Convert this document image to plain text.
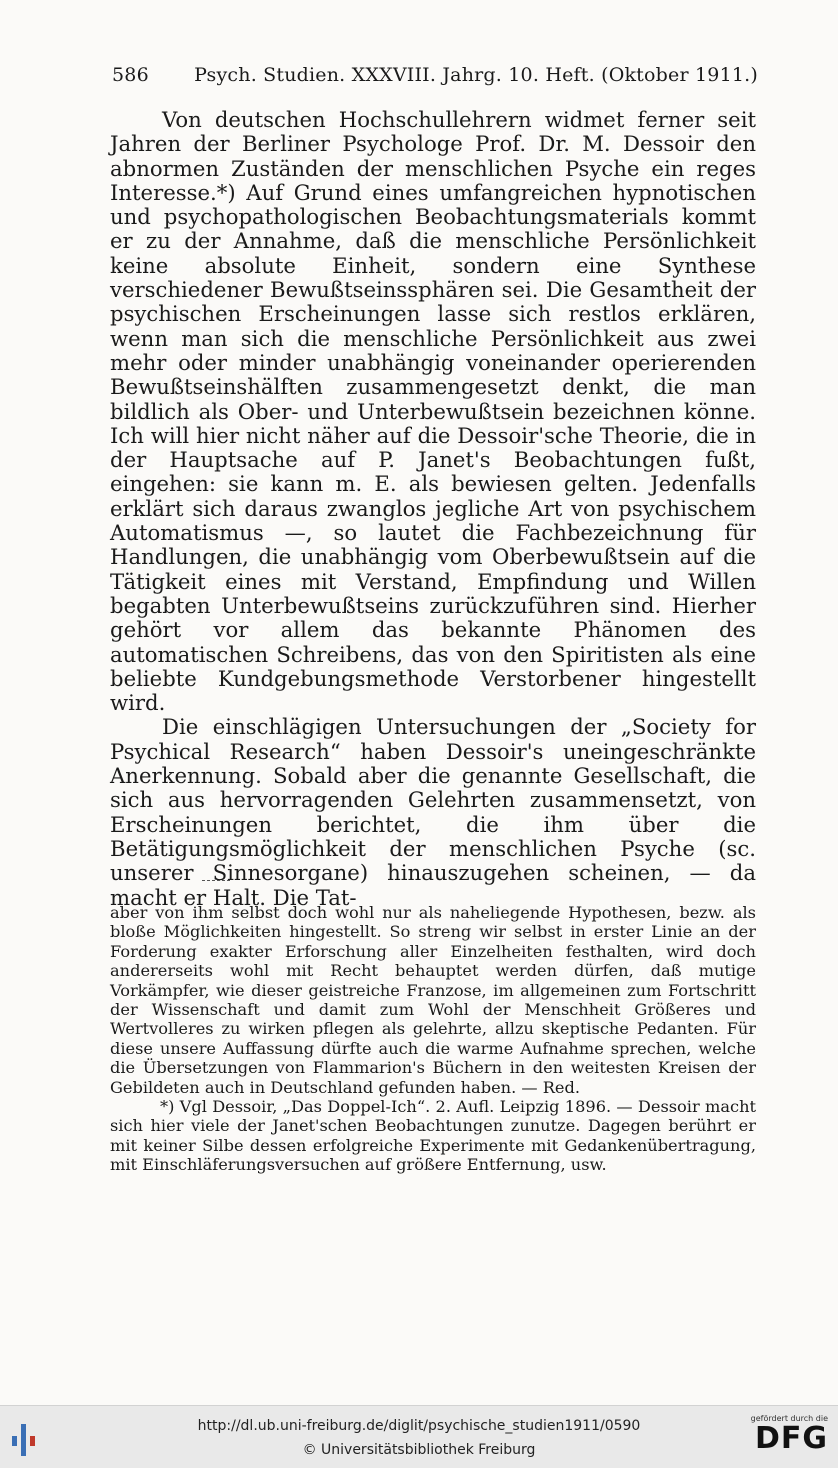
586 Psych. Studien. XXXVIII. Jahrg. 10. Heft. (Oktober 1911.)

Von deutschen Hochschullehrern widmet ferner seit Jahren der Berliner Psychologe Prof. Dr. M. Dessoir den abnormen Zuständen der menschlichen Psyche ein reges Interesse.*) Auf Grund eines umfangreichen hypnotischen und psychopathologischen Beobachtungsmaterials kommt er zu der Annahme, daß die menschliche Persönlichkeit keine absolute Einheit, sondern eine Synthese verschiedener Bewußtseinssphären sei. Die Gesamtheit der psychischen Erscheinungen lasse sich restlos erklären, wenn man sich die menschliche Persönlichkeit aus zwei mehr oder minder unabhängig voneinander operierenden Bewußtseinshälften zusammengesetzt denkt, die man bildlich als Ober- und Unterbewußtsein bezeichnen könne. Ich will hier nicht näher auf die Dessoir'sche Theorie, die in der Hauptsache auf P. Janet's Beobachtungen fußt, eingehen: sie kann m. E. als bewiesen gelten. Jedenfalls erklärt sich daraus zwanglos jegliche Art von psychischem Automatismus —, so lautet die Fachbezeichnung für Handlungen, die unabhängig vom Oberbewußtsein auf die Tätigkeit eines mit Verstand, Empfindung und Willen begabten Unterbewußtseins zurückzuführen sind. Hierher gehört vor allem das bekannte Phänomen des automatischen Schreibens, das von den Spiritisten als eine beliebte Kundgebungsmethode Verstorbener hingestellt wird.

Die einschlägigen Untersuchungen der „Society for Psychical Research“ haben Dessoir's uneingeschränkte Anerkennung. Sobald aber die genannte Gesellschaft, die sich aus hervorragenden Gelehrten zusammensetzt, von Erscheinungen berichtet, die ihm über die Betätigungsmöglichkeit der menschlichen Psyche (sc. unserer Sinnesorgane) hinauszugehen scheinen, — da macht er Halt. Die Tat-

aber von ihm selbst doch wohl nur als naheliegende Hypothesen, bezw. als bloße Möglichkeiten hingestellt. So streng wir selbst in erster Linie an der Forderung exakter Erforschung aller Einzelheiten festhalten, wird doch andererseits wohl mit Recht behauptet werden dürfen, daß mutige Vorkämpfer, wie dieser geistreiche Franzose, im allgemeinen zum Fortschritt der Wissenschaft und damit zum Wohl der Menschheit Größeres und Wertvolleres zu wirken pflegen als gelehrte, allzu skeptische Pedanten. Für diese unsere Auffassung dürfte auch die warme Aufnahme sprechen, welche die Übersetzungen von Flammarion's Büchern in den weitesten Kreisen der Gebildeten auch in Deutschland gefunden haben. — Red.

*) Vgl Dessoir, „Das Doppel-Ich“. 2. Aufl. Leipzig 1896. — Dessoir macht sich hier viele der Janet'schen Beobachtungen zunutze. Dagegen berührt er mit keiner Silbe dessen erfolgreiche Experimente mit Gedankenübertragung, mit Einschläferungsversuchen auf größere Entfernung, usw.

http://dl.ub.uni-freiburg.de/diglit/psychische_studien1911/0590
© Universitätsbibliothek Freiburg
gefördert durch die
DFG
